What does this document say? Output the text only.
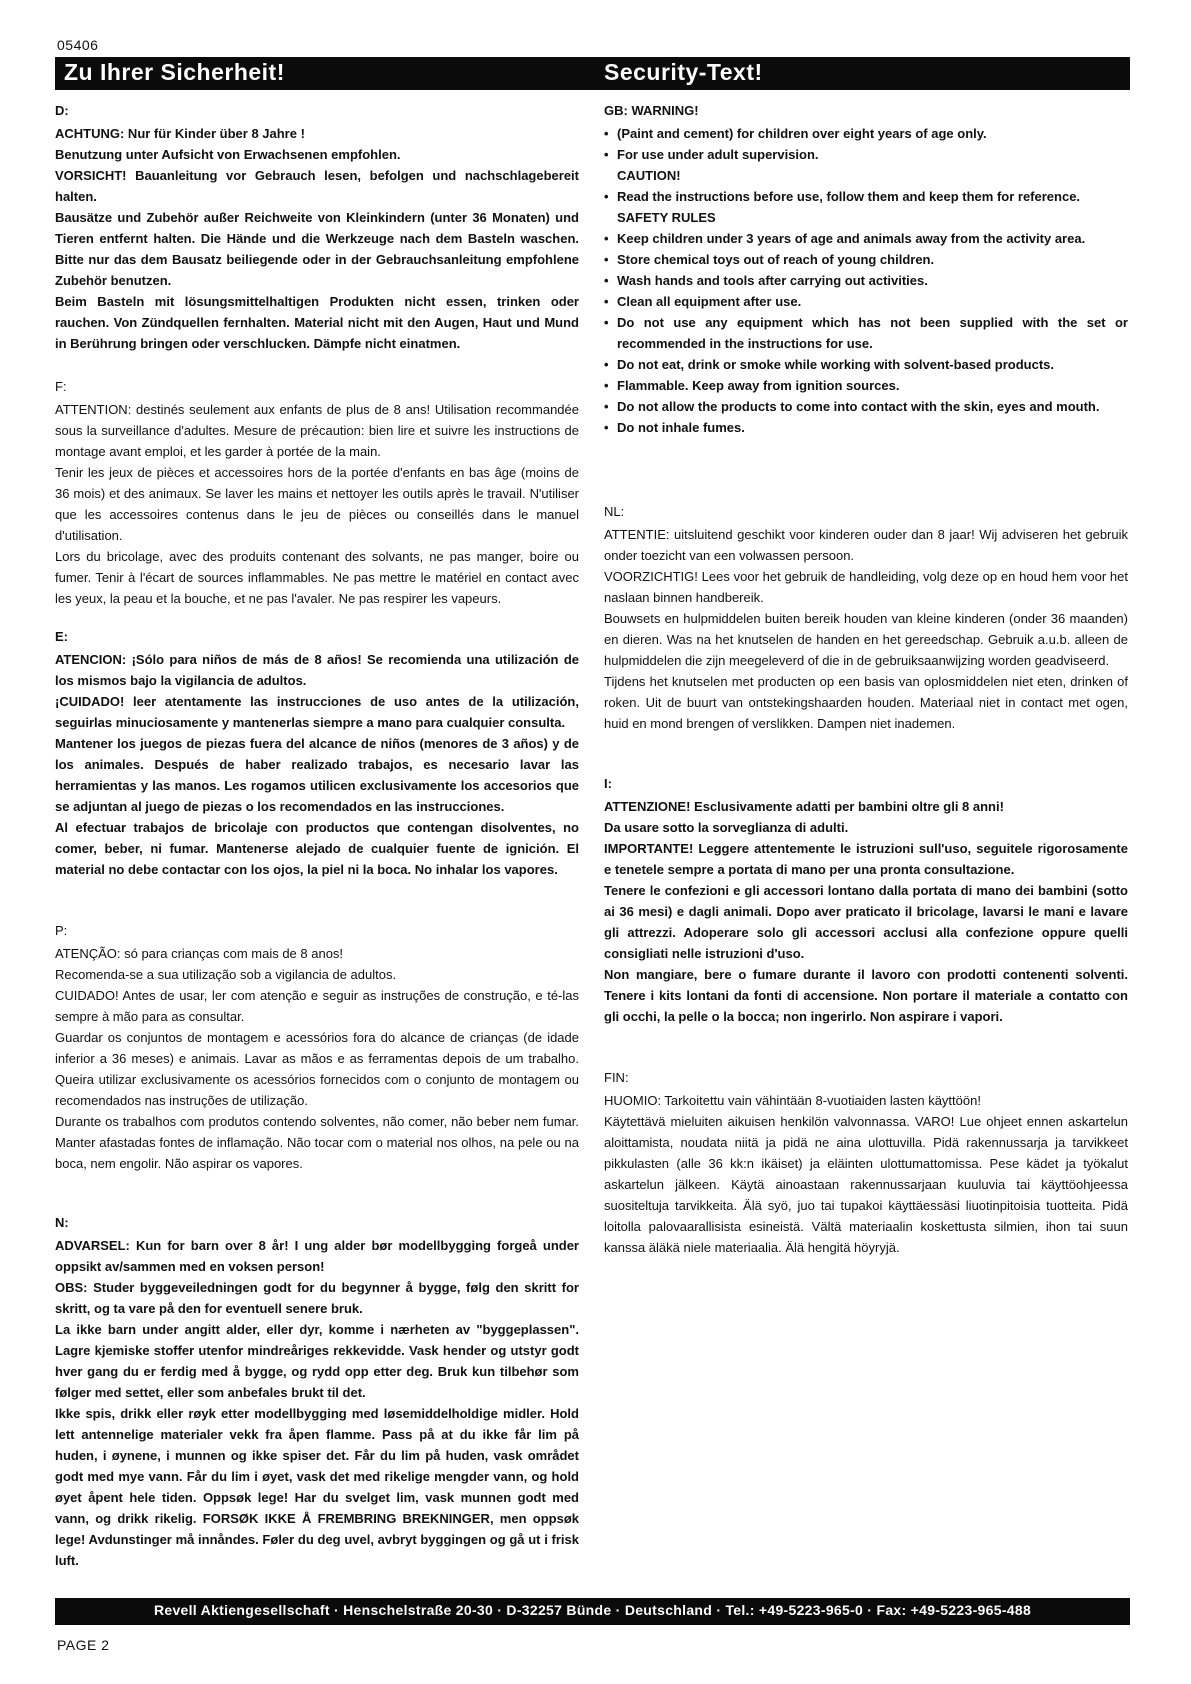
05406
Zu Ihrer Sicherheit!	Security-Text!
D:

ACHTUNG: Nur für Kinder über 8 Jahre !

Benutzung unter Aufsicht von Erwachsenen empfohlen.

VORSICHT! Bauanleitung vor Gebrauch lesen, befolgen und nachschlagebereit halten.

Bausätze und Zubehör außer Reichweite von Kleinkindern (unter 36 Monaten) und Tieren entfernt halten. Die Hände und die Werkzeuge nach dem Basteln waschen. Bitte nur das dem Bausatz beiliegende oder in der Gebrauchsanleitung empfohlene Zubehör benutzen.

Beim Basteln mit lösungsmittelhaltigen Produkten nicht essen, trinken oder rauchen. Von Zündquellen fernhalten. Material nicht mit den Augen, Haut und Mund in Berührung bringen oder verschlucken. Dämpfe nicht einatmen.

F:

ATTENTION: destinés seulement aux enfants de plus de 8 ans! Utilisation recommandée sous la surveillance d'adultes. Mesure de précaution: bien lire et suivre les instructions de montage avant emploi, et les garder à portée de la main.

Tenir les jeux de pièces et accessoires hors de la portée d'enfants en bas âge (moins de 36 mois) et des animaux. Se laver les mains et nettoyer les outils après le travail. N'utiliser que les accessoires contenus dans le jeu de pièces ou conseillés dans le manuel d'utilisation.

Lors du bricolage, avec des produits contenant des solvants, ne pas manger, boire ou fumer. Tenir à l'écart de sources inflammables. Ne pas mettre le matériel en contact avec les yeux, la peau et la bouche, et ne pas l'avaler. Ne pas respirer les vapeurs.

E:

ATENCION: ¡Sólo para niños de más de 8 años! Se recomienda una utilización de los mismos bajo la vigilancia de adultos.

¡CUIDADO! leer atentamente las instrucciones de uso antes de la utilización, seguirlas minuciosamente y mantenerlas siempre a mano para cualquier consulta.

Mantener los juegos de piezas fuera del alcance de niños (menores de 3 años) y de los animales. Después de haber realizado trabajos, es necesario lavar las herramientas y las manos. Les rogamos utilicen exclusivamente los accesorios que se adjuntan al juego de piezas o los recomendados en las instrucciones.

Al efectuar trabajos de bricolaje con productos que contengan disolventes, no comer, beber, ni fumar. Mantenerse alejado de cualquier fuente de ignición. El material no debe contactar con los ojos, la piel ni la boca. No inhalar los vapores.

P:

ATENÇÃO: só para crianças com mais de 8 anos!

Recomenda-se a sua utilização sob a vigilancia de adultos.

CUIDADO! Antes de usar, ler com atenção e seguir as instruções de construção, e té-las sempre à mão para as consultar.

Guardar os conjuntos de montagem e acessórios fora do alcance de crianças (de idade inferior a 36 meses) e animais. Lavar as mãos e as ferramentas depois de um trabalho. Queira utilizar exclusivamente os acessórios fornecidos com o conjunto de montagem ou recomendados nas instruções de utilização.

Durante os trabalhos com produtos contendo solventes, não comer, não beber nem fumar. Manter afastadas fontes de inflamação. Não tocar com o material nos olhos, na pele ou na boca, nem engolir. Não aspirar os vapores.

N:

ADVARSEL: Kun for barn over 8 år! I ung alder bør modellbygging forgeå under oppsikt av/sammen med en voksen person!

OBS: Studer byggeveiledningen godt for du begynner å bygge, følg den skritt for skritt, og ta vare på den for eventuell senere bruk.

La ikke barn under angitt alder, eller dyr, komme i nærheten av "byggeplassen". Lagre kjemiske stoffer utenfor mindreåriges rekkevidde. Vask hender og utstyr godt hver gang du er ferdig med å bygge, og rydd opp etter deg. Bruk kun tilbehør som følger med settet, eller som anbefales brukt til det.

Ikke spis, drikk eller røyk etter modellbygging med løsemiddelholdige midler. Hold lett antennelige materialer vekk fra åpen flamme. Pass på at du ikke får lim på huden, i øynene, i munnen og ikke spiser det. Får du lim på huden, vask området godt med mye vann. Får du lim i øyet, vask det med rikelige mengder vann, og hold øyet åpent hele tiden. Oppsøk lege! Har du svelget lim, vask munnen godt med vann, og drikk rikelig. FORSØK IKKE Å FREMBRING BREKNINGER, men oppsøk lege! Avdunstinger må innåndes. Føler du deg uvel, avbryt byggingen og gå ut i frisk luft.

GB: WARNING!
• (Paint and cement) for children over eight years of age only.
• For use under adult supervision.
CAUTION!
• Read the instructions before use, follow them and keep them for reference.
SAFETY RULES
• Keep children under 3 years of age and animals away from the activity area.
• Store chemical toys out of reach of young children.
• Wash hands and tools after carrying out activities.
• Clean all equipment after use.
• Do not use any equipment which has not been supplied with the set or recommended in the instructions for use.
• Do not eat, drink or smoke while working with solvent-based products.
• Flammable. Keep away from ignition sources.
• Do not allow the products to come into contact with the skin, eyes and mouth.
• Do not inhale fumes.
NL:

ATTENTIE: uitsluitend geschikt voor kinderen ouder dan 8 jaar! Wij adviseren het gebruik onder toezicht van een volwassen persoon.

VOORZICHTIG! Lees voor het gebruik de handleiding, volg deze op en houd hem voor het naslaan binnen handbereik.

Bouwsets en hulpmiddelen buiten bereik houden van kleine kinderen (onder 36 maanden) en dieren. Was na het knutselen de handen en het gereedschap. Gebruik a.u.b. alleen de hulpmiddelen die zijn meegeleverd of die in de gebruiksaanwijzing worden geadviseerd.

Tijdens het knutselen met producten op een basis van oplosmiddelen niet eten, drinken of roken. Uit de buurt van ontstekingshaarden houden. Materiaal niet in contact met ogen, huid en mond brengen of verslikken. Dampen niet inademen.

I:

ATTENZIONE! Esclusivamente adatti per bambini oltre gli 8 anni!

Da usare sotto la sorveglianza di adulti.

IMPORTANTE! Leggere attentemente le istruzioni sull'uso, seguitele rigorosamente e tenetele sempre a portata di mano per una pronta consultazione.

Tenere le confezioni e gli accessori lontano dalla portata di mano dei bambini (sotto ai 36 mesi) e dagli animali. Dopo aver praticato il bricolage, lavarsi le mani e lavare gli attrezzi. Adoperare solo gli accessori acclusi alla confezione oppure quelli consigliati nelle istruzioni d'uso.

Non mangiare, bere o fumare durante il lavoro con prodotti contenenti solventi. Tenere i kits lontani da fonti di accensione. Non portare il materiale a contatto con gli occhi, la pelle o la bocca; non ingerirlo. Non aspirare i vapori.

FIN:

HUOMIO: Tarkoitettu vain vähintään 8-vuotiaiden lasten käyttöön!

Käytettävä mieluiten aikuisen henkilön valvonnassa. VARO! Lue ohjeet ennen askartelun aloittamista, noudata niitä ja pidä ne aina ulottuvilla. Pidä rakennussarja ja tarvikkeet pikkulasten (alle 36 kk:n ikäiset) ja eläinten ulottumattomissa. Pese kädet ja työkalut askartelun jälkeen. Käytä ainoastaan rakennussarjaan kuuluvia tai käyttöohjeessa suositeltuja tarvikkeita. Älä syö, juo tai tupakoi käyttäessäsi liuotinpitoisia tuotteita. Pidä loitolla palovaarallisista esineistä. Vältä materiaalin koskettusta silmien, ihon tai suun kanssa äläkä niele materiaalia. Älä hengitä höyryjä.

Revell Aktiengesellschaft · Henschelstraße 20-30 · D-32257 Bünde · Deutschland · Tel.: +49-5223-965-0 · Fax: +49-5223-965-488
PAGE 2
